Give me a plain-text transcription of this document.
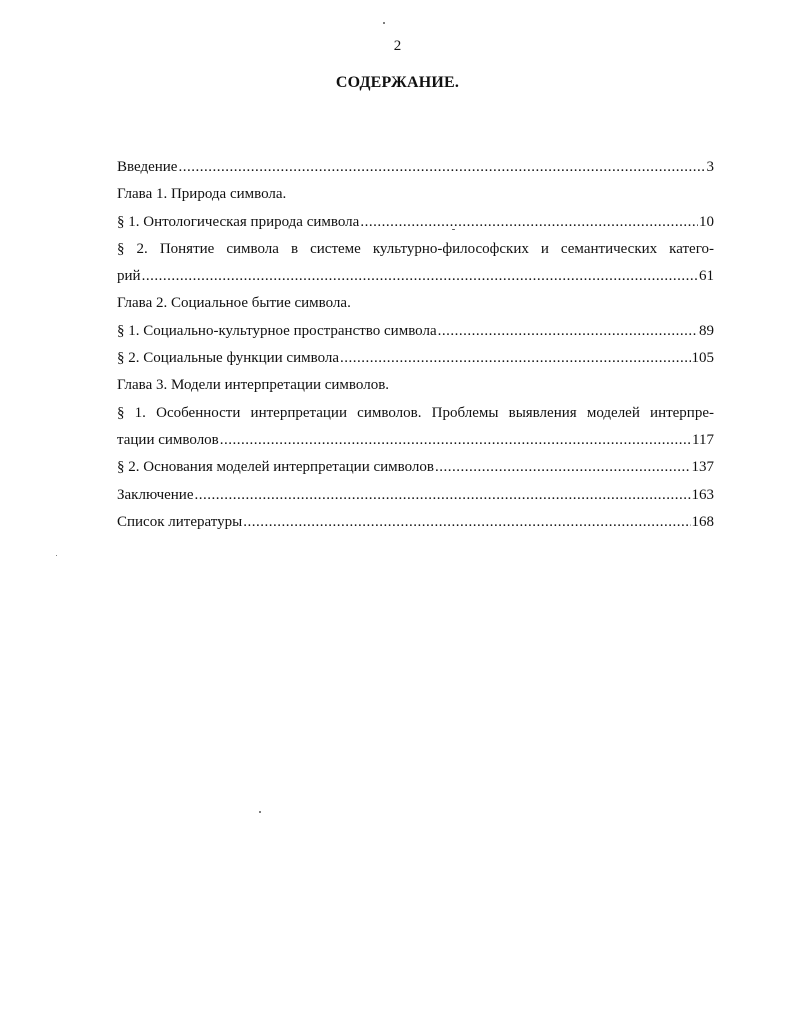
2
СОДЕРЖАНИЕ.
Введение .....	3
Глава 1. Природа символа.
§ 1. Онтологическая природа символа .....	10
§ 2. Понятие символа в системе культурно-философских и семантических катего-
рий .....	61
Глава 2. Социальное бытие символа.
§ 1. Социально-культурное пространство символа .....	89
§ 2. Социальные функции символа .....	105
Глава 3. Модели интерпретации символов.
§ 1. Особенности интерпретации символов. Проблемы выявления моделей интерпре-
тации символов .....	117
§ 2. Основания моделей интерпретации символов .....	137
Заключение .....	163
Список литературы .....	168
